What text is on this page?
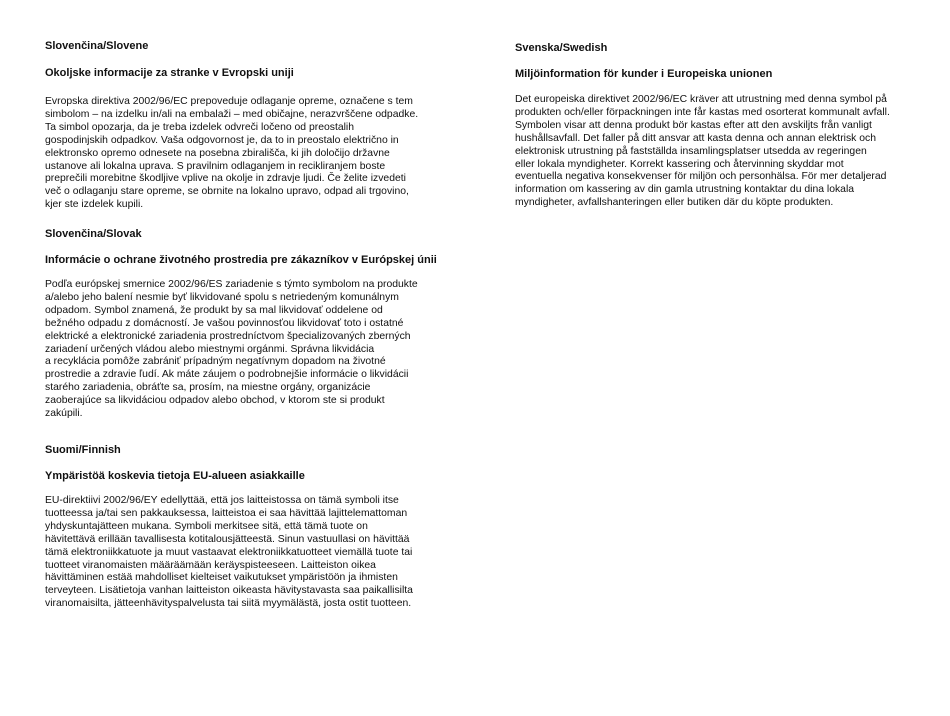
Slovenčina/Slovene

Okoljske informacije za stranke v Evropski uniji

Evropska direktiva 2002/96/EC prepoveduje odlaganje opreme, označene s tem
simbolom – na izdelku in/ali na embalaži – med običajne, nerazvrščene odpadke.
Ta simbol opozarja, da je treba izdelek odvreči ločeno od preostalih
gospodinjskih odpadkov. Vaša odgovornost je, da to in preostalo električno in
elektronsko opremo odnesete na posebna zbirališča, ki jih določijo državne
ustanove ali lokalna uprava. S pravilnim odlaganjem in recikliranjem boste
preprečili morebitne škodljive vplive na okolje in zdravje ljudi. Če želite izvedeti
več o odlaganju stare opreme, se obrnite na lokalno upravo, odpad ali trgovino,
kjer ste izdelek kupili.

Slovenčina/Slovak

Informácie o ochrane životného prostredia pre zákazníkov v Európskej únii

Podľa európskej smernice 2002/96/ES zariadenie s týmto symbolom na produkte
a/alebo jeho balení nesmie byť likvidované spolu s netriedeným komunálnym
odpadom. Symbol znamená, že produkt by sa mal likvidovať oddelene od
bežného odpadu z domácností. Je vašou povinnosťou likvidovať toto i ostatné
elektrické a elektronické zariadenia prostredníctvom špecializovaných zberných
zariadení určených vládou alebo miestnymi orgánmi. Správna likvidácia
a recyklácia pomôže zabrániť prípadným negatívnym dopadom na životné
prostredie a zdravie ľudí. Ak máte záujem o podrobnejšie informácie o likvidácii
starého zariadenia, obráťte sa, prosím, na miestne orgány, organizácie
zaoberajúce sa likvidáciou odpadov alebo obchod, v ktorom ste si produkt
zakúpili.

Suomi/Finnish

Ympäristöä koskevia tietoja EU-alueen asiakkaille

EU-direktiivi 2002/96/EY edellyttää, että jos laitteistossa on tämä symboli itse
tuotteessa ja/tai sen pakkauksessa, laitteistoa ei saa hävittää lajittelemattoman
yhdyskuntajätteen mukana. Symboli merkitsee sitä, että tämä tuote on
hävitettävä erillään tavallisesta kotitalousjätteestä. Sinun vastuullasi on hävittää
tämä elektroniikkatuote ja muut vastaavat elektroniikkatuotteet viemällä tuote tai
tuotteet viranomaisten määräämään keräyspisteeseen. Laitteiston oikea
hävittäminen estää mahdolliset kielteiset vaikutukset ympäristöön ja ihmisten
terveyteen. Lisätietoja vanhan laitteiston oikeasta hävitystavasta saa paikallisilta
viranomaisilta, jätteenhävityspalvelusta tai siitä myymälästä, josta ostit tuotteen.

Svenska/Swedish

Miljöinformation för kunder i Europeiska unionen

Det europeiska direktivet 2002/96/EC kräver att utrustning med denna symbol på
produkten och/eller förpackningen inte får kastas med osorterat kommunalt avfall.
Symbolen visar att denna produkt bör kastas efter att den avskiljts från vanligt
hushållsavfall. Det faller på ditt ansvar att kasta denna och annan elektrisk och
elektronisk utrustning på fastställda insamlingsplatser utsedda av regeringen
eller lokala myndigheter. Korrekt kassering och återvinning skyddar mot
eventuella negativa konsekvenser för miljön och personhälsa. För mer detaljerad
information om kassering av din gamla utrustning kontaktar du dina lokala
myndigheter, avfallshanteringen eller butiken där du köpte produkten.
